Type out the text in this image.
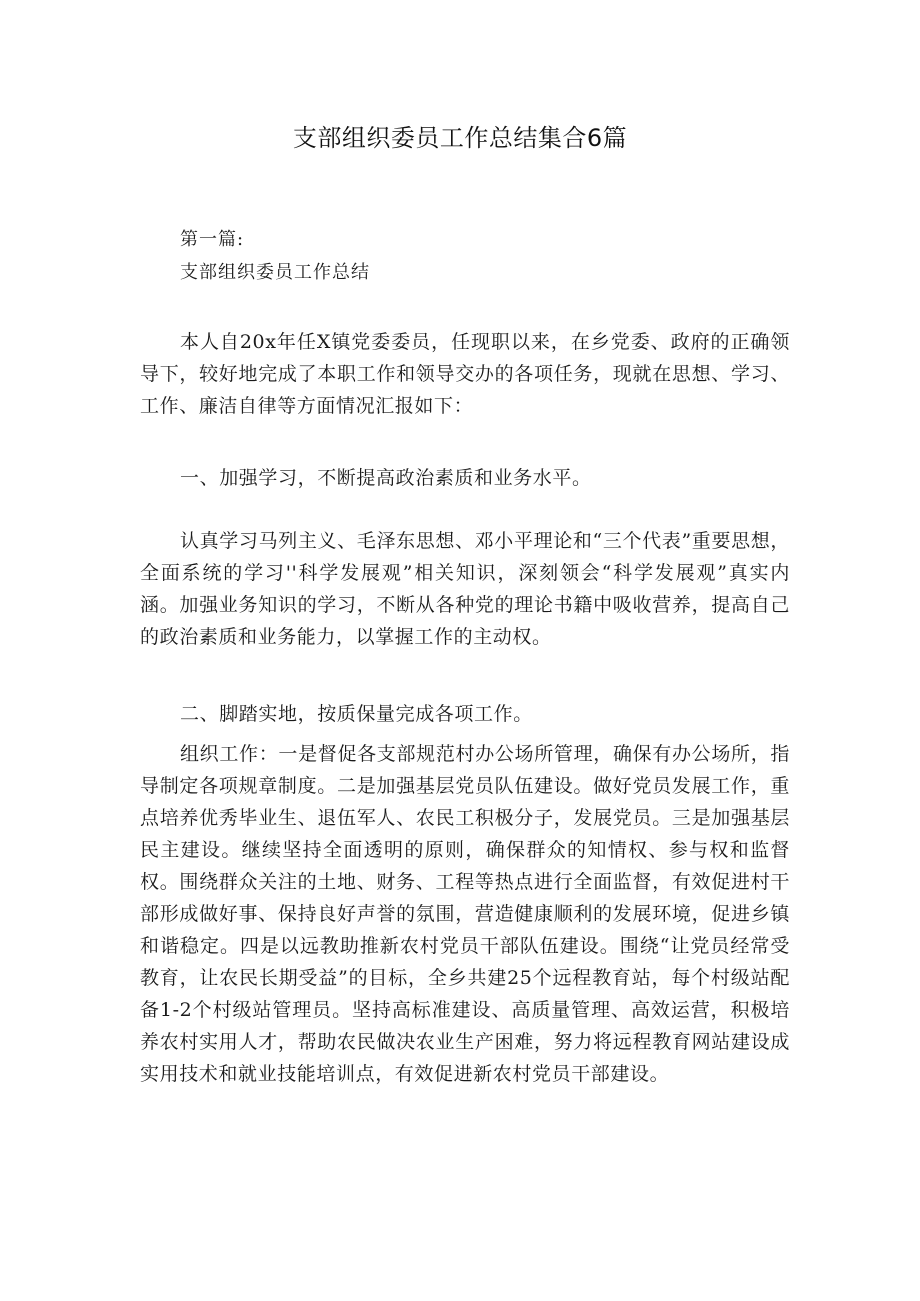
支部组织委员工作总结集合6篇
第一篇:
支部组织委员工作总结

本人自20x年任X镇党委委员，任现职以来，在乡党委、政府的正确领导下，较好地完成了本职工作和领导交办的各项任务，现就在思想、学习、工作、廉洁自律等方面情况汇报如下：

一、加强学习，不断提高政治素质和业务水平。

认真学习马列主义、毛泽东思想、邓小平理论和“三个代表”重要思想，全面系统的学习''科学发展观”相关知识，深刻领会“科学发展观”真实内涵。加强业务知识的学习，不断从各种党的理论书籍中吸收营养，提高自己的政治素质和业务能力，以掌握工作的主动权。

二、脚踏实地，按质保量完成各项工作。

组织工作：一是督促各支部规范村办公场所管理，确保有办公场所，指导制定各项规章制度。二是加强基层党员队伍建设。做好党员发展工作，重点培养优秀毕业生、退伍军人、农民工积极分子，发展党员。三是加强基层民主建设。继续坚持全面透明的原则，确保群众的知情权、参与权和监督权。围绕群众关注的土地、财务、工程等热点进行全面监督，有效促进村干部形成做好事、保持良好声誉的氛围，营造健康顺利的发展环境，促进乡镇和谐稳定。四是以远教助推新农村党员干部队伍建设。围绕“让党员经常受教育，让农民长期受益”的目标，全乡共建25个远程教育站，每个村级站配备1-2个村级站管理员。坚持高标准建设、高质量管理、高效运营，积极培养农村实用人才，帮助农民做决农业生产困难，努力将远程教育网站建设成实用技术和就业技能培训点，有效促进新农村党员干部建设。
